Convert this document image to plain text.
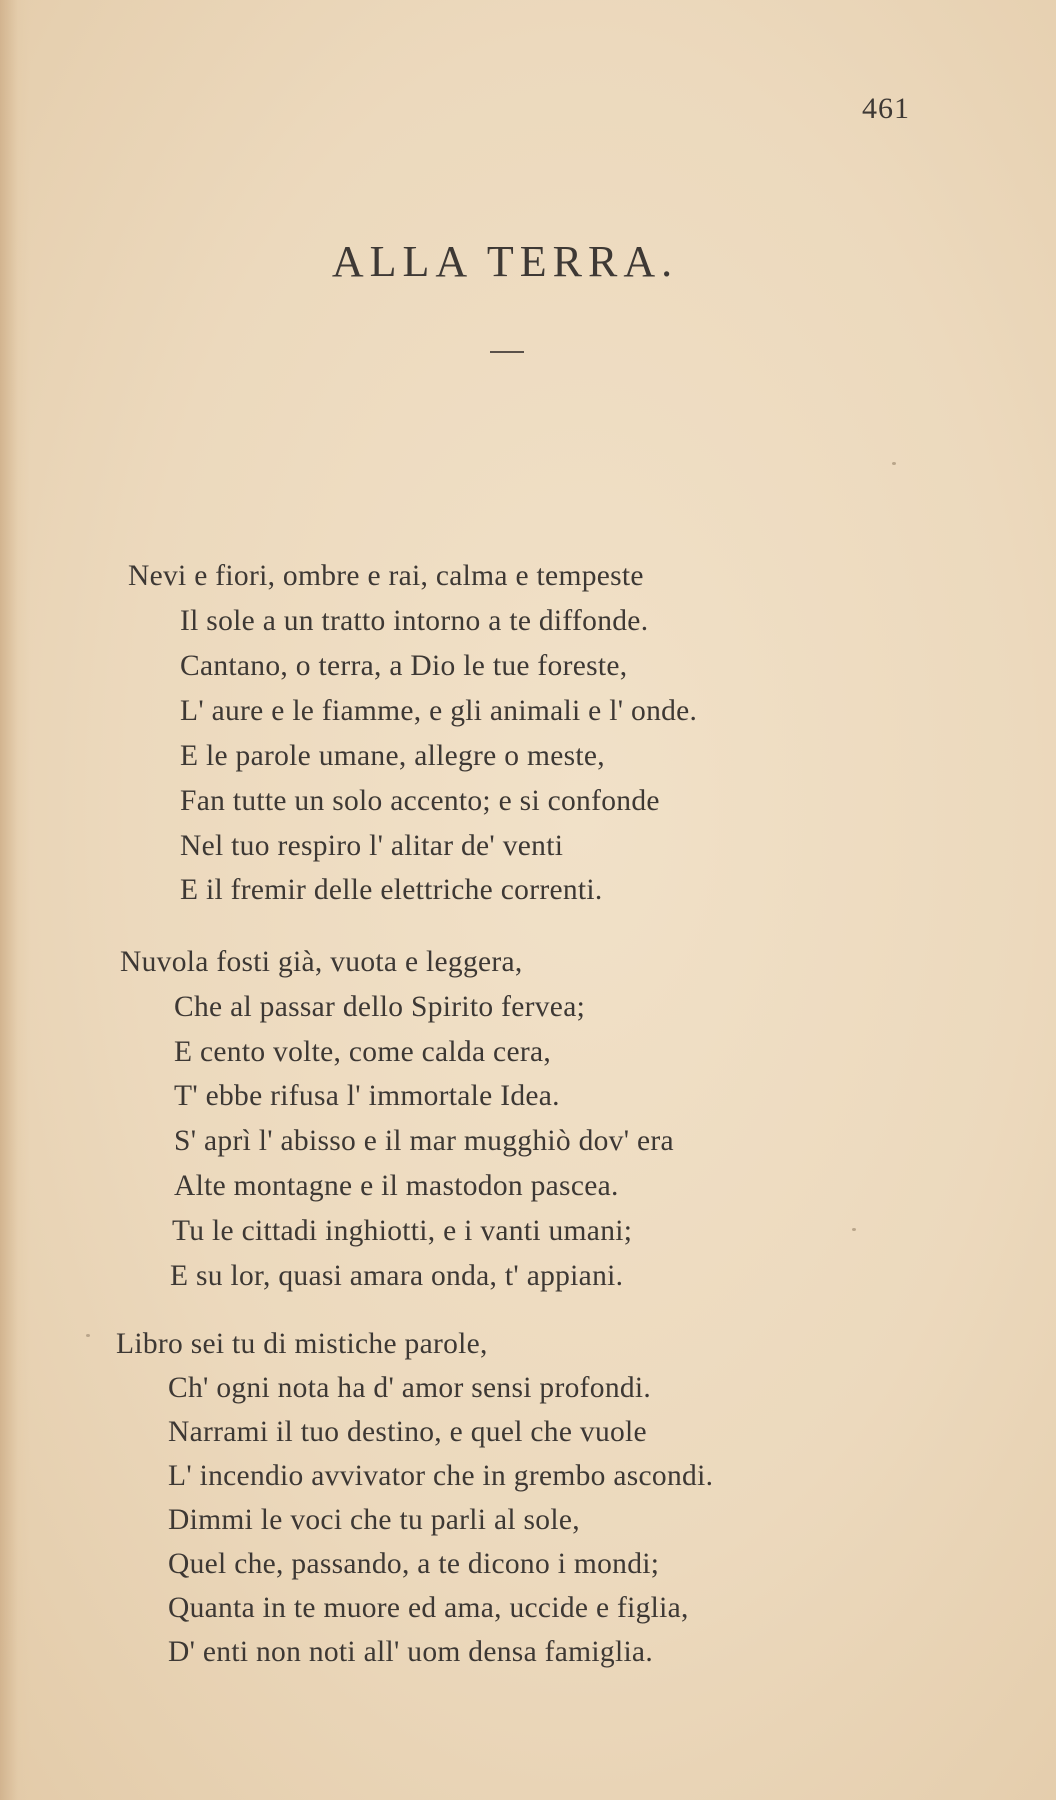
461
ALLA TERRA.
Nevi e fiori, ombre e rai, calma e tempeste
Il sole a un tratto intorno a te diffonde.
Cantano, o terra, a Dio le tue foreste,
L' aure e le fiamme, e gli animali e l' onde.
E le parole umane, allegre o meste,
Fan tutte un solo accento; e si confonde
Nel tuo respiro l' alitar de' venti
E il fremir delle elettriche correnti.
Nuvola fosti già, vuota e leggera,
Che al passar dello Spirito fervea;
E cento volte, come calda cera,
T' ebbe rifusa l' immortale Idea.
S' aprì l' abisso e il mar mugghiò dov' era
Alte montagne e il mastodon pascea.
Tu le cittadi inghiotti, e i vanti umani;
E su lor, quasi amara onda, t' appiani.
Libro sei tu di mistiche parole,
Ch' ogni nota ha d' amor sensi profondi.
Narrami il tuo destino, e quel che vuole
L' incendio avvivator che in grembo ascondi.
Dimmi le voci che tu parli al sole,
Quel che, passando, a te dicono i mondi;
Quanta in te muore ed ama, uccide e figlia,
D' enti non noti all' uom densa famiglia.
